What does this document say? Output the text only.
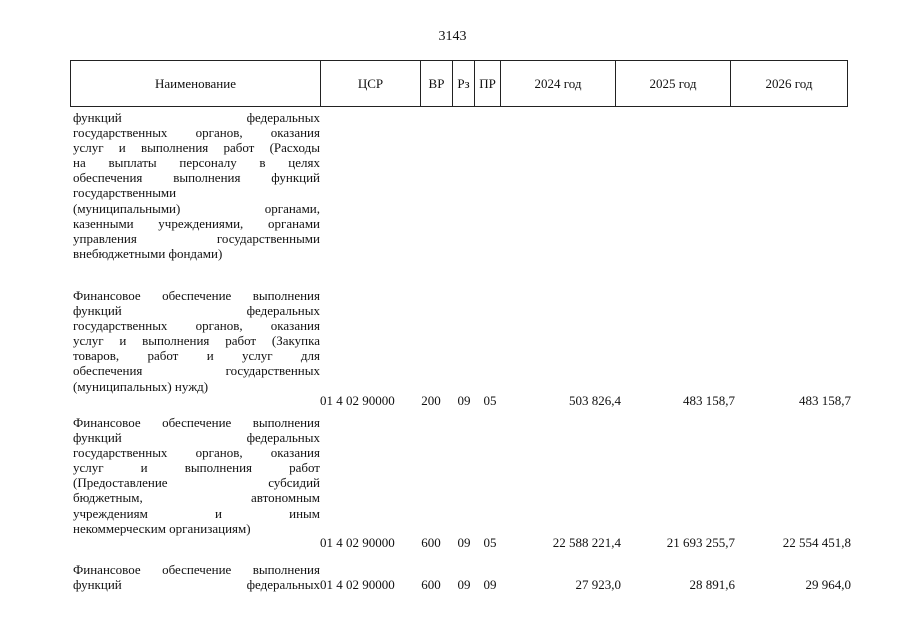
3143
Наименование	ЦСР	ВР	Рз	ПР	2024 год	2025 год	2026 год
функций федеральных
государственных органов, оказания
услуг и выполнения работ (Расходы
на выплаты персоналу в целях
обеспечения выполнения функций
государственными
(муниципальными) органами,
казенными учреждениями, органами
управления государственными
внебюджетными фондами)
Финансовое обеспечение выполнения
функций федеральных
государственных органов, оказания
услуг и выполнения работ (Закупка
товаров, работ и услуг для
обеспечения государственных
(муниципальных) нужд)
01 4 02 90000	200	09	05	503 826,4	483 158,7	483 158,7
Финансовое обеспечение выполнения
функций федеральных
государственных органов, оказания
услуг и выполнения работ
(Предоставление субсидий
бюджетным, автономным
учреждениям и иным
некоммерческим организациям)
01 4 02 90000	600	09	05	22 588 221,4	21 693 255,7	22 554 451,8
Финансовое обеспечение выполнения
функций федеральных 01 4 02 90000	600	09	09	27 923,0	28 891,6	29 964,0
